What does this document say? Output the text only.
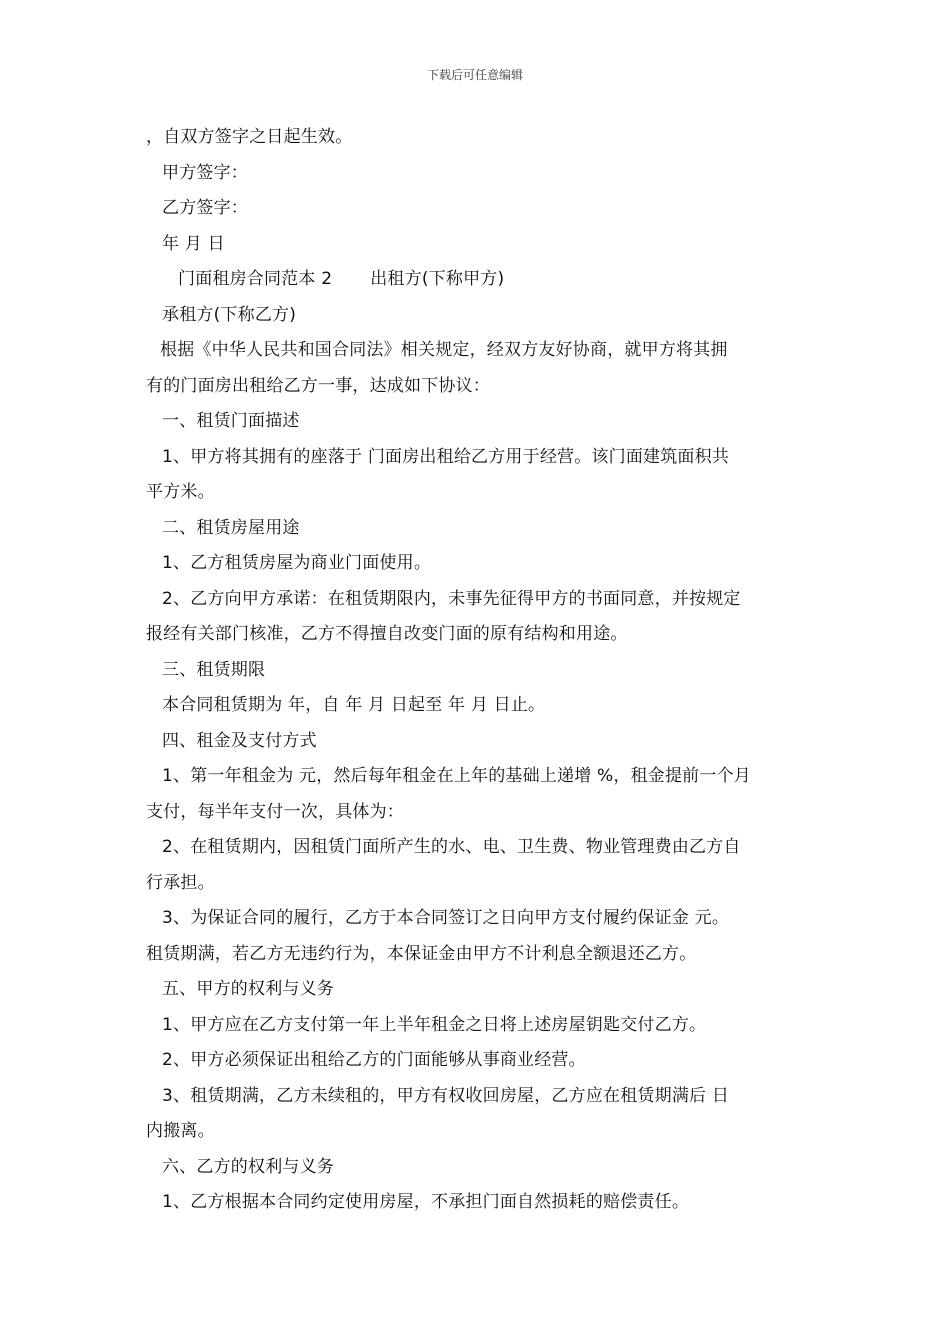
下载后可任意编辑
，自双方签字之日起生效。
甲方签字：
乙方签字：
年 月 日
门面租房合同范本 2 出租方(下称甲方)
承租方(下称乙方)
根据《中华人民共和国合同法》相关规定，经双方友好协商，就甲方将其拥
有的门面房出租给乙方一事，达成如下协议：
一、租赁门面描述
1、甲方将其拥有的座落于 门面房出租给乙方用于经营。该门面建筑面积共
平方米。
二、租赁房屋用途
1、乙方租赁房屋为商业门面使用。
2、乙方向甲方承诺：在租赁期限内，未事先征得甲方的书面同意，并按规定
报经有关部门核准，乙方不得擅自改变门面的原有结构和用途。
三、租赁期限
本合同租赁期为 年，自 年 月 日起至 年 月 日止。
四、租金及支付方式
1、第一年租金为 元，然后每年租金在上年的基础上递增 %，租金提前一个月
支付，每半年支付一次，具体为：
2、在租赁期内，因租赁门面所产生的水、电、卫生费、物业管理费由乙方自
行承担。
3、为保证合同的履行，乙方于本合同签订之日向甲方支付履约保证金 元。
租赁期满，若乙方无违约行为，本保证金由甲方不计利息全额退还乙方。
五、甲方的权利与义务
1、甲方应在乙方支付第一年上半年租金之日将上述房屋钥匙交付乙方。
2、甲方必须保证出租给乙方的门面能够从事商业经营。
3、租赁期满，乙方未续租的，甲方有权收回房屋，乙方应在租赁期满后 日
内搬离。
六、乙方的权利与义务
1、乙方根据本合同约定使用房屋，不承担门面自然损耗的赔偿责任。
